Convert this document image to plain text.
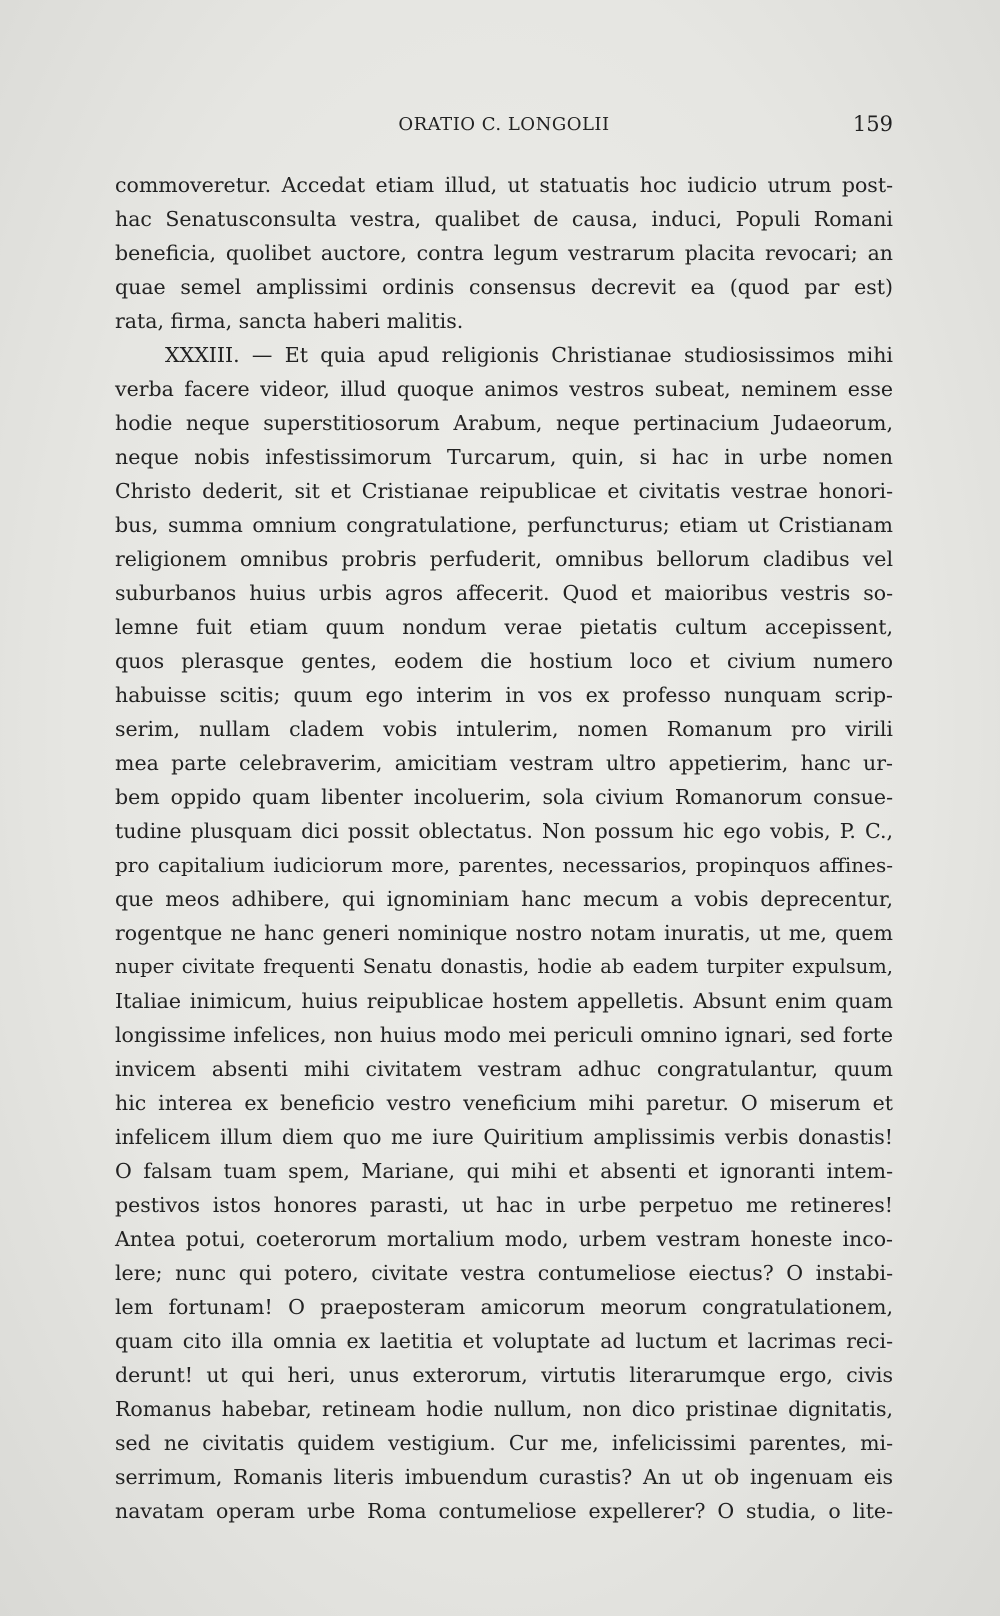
ORATIO C. LONGOLII	159
commoveretur. Accedat etiam illud, ut statuatis hoc iudicio utrum post-
hac Senatusconsulta vestra, qualibet de causa, induci, Populi Romani
beneficia, quolibet auctore, contra legum vestrarum placita revocari; an
quae semel amplissimi ordinis consensus decrevit ea (quod par est)
rata, firma, sancta haberi malitis.
XXXIII. — Et quia apud religionis Christianae studiosissimos mihi
verba facere videor, illud quoque animos vestros subeat, neminem esse
hodie neque superstitiosorum Arabum, neque pertinacium Judaeorum,
neque nobis infestissimorum Turcarum, quin, si hac in urbe nomen
Christo dederit, sit et Cristianae reipublicae et civitatis vestrae honori-
bus, summa omnium congratulatione, perfuncturus; etiam ut Cristianam
religionem omnibus probris perfuderit, omnibus bellorum cladibus vel
suburbanos huius urbis agros affecerit. Quod et maioribus vestris so-
lemne fuit etiam quum nondum verae pietatis cultum accepissent,
quos plerasque gentes, eodem die hostium loco et civium numero
habuisse scitis; quum ego interim in vos ex professo nunquam scrip-
serim, nullam cladem vobis intulerim, nomen Romanum pro virili
mea parte celebraverim, amicitiam vestram ultro appetierim, hanc ur-
bem oppido quam libenter incoluerim, sola civium Romanorum consue-
tudine plusquam dici possit oblectatus. Non possum hic ego vobis, P. C.,
pro capitalium iudiciorum more, parentes, necessarios, propinquos affines-
que meos adhibere, qui ignominiam hanc mecum a vobis deprecentur,
rogentque ne hanc generi nominique nostro notam inuratis, ut me, quem
nuper civitate frequenti Senatu donastis, hodie ab eadem turpiter expulsum,
Italiae inimicum, huius reipublicae hostem appelletis. Absunt enim quam
longissime infelices, non huius modo mei periculi omnino ignari, sed forte
invicem absenti mihi civitatem vestram adhuc congratulantur, quum
hic interea ex beneficio vestro veneficium mihi paretur. O miserum et
infelicem illum diem quo me iure Quiritium amplissimis verbis donastis!
O falsam tuam spem, Mariane, qui mihi et absenti et ignoranti intem-
pestivos istos honores parasti, ut hac in urbe perpetuo me retineres!
Antea potui, coeterorum mortalium modo, urbem vestram honeste inco-
lere; nunc qui potero, civitate vestra contumeliose eiectus? O instabi-
lem fortunam! O praeposteram amicorum meorum congratulationem,
quam cito illa omnia ex laetitia et voluptate ad luctum et lacrimas reci-
derunt! ut qui heri, unus exterorum, virtutis literarumque ergo, civis
Romanus habebar, retineam hodie nullum, non dico pristinae dignitatis,
sed ne civitatis quidem vestigium. Cur me, infelicissimi parentes, mi-
serrimum, Romanis literis imbuendum curastis? An ut ob ingenuam eis
navatam operam urbe Roma contumeliose expellerer? O studia, o lite-
